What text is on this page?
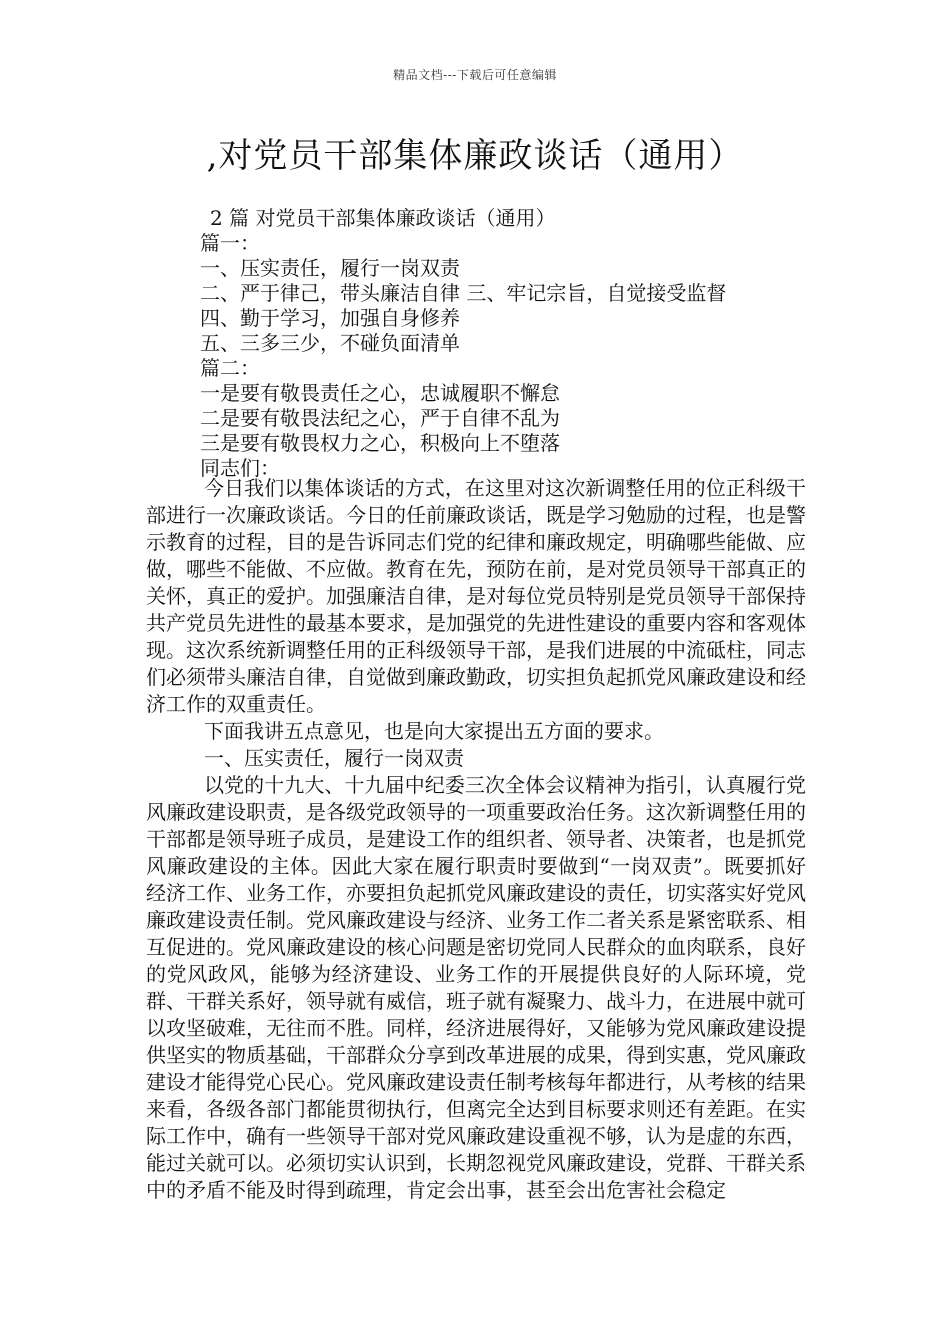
精品文档---下载后可任意编辑
,对党员干部集体廉政谈话（通用）
2 篇 对党员干部集体廉政谈话（通用）
篇一：
一、压实责任，履行一岗双责
二、严于律己，带头廉洁自律 三、牢记宗旨，自觉接受监督
四、勤于学习，加强自身修养
五、三多三少，不碰负面清单
篇二：
一是要有敬畏责任之心，忠诚履职不懈怠
二是要有敬畏法纪之心，严于自律不乱为
三是要有敬畏权力之心，积极向上不堕落
同志们：
今日我们以集体谈话的方式，在这里对这次新调整任用的位正科级干部进行一次廉政谈话。今日的任前廉政谈话，既是学习勉励的过程，也是警示教育的过程，目的是告诉同志们党的纪律和廉政规定，明确哪些能做、应做，哪些不能做、不应做。教育在先，预防在前，是对党员领导干部真正的关怀，真正的爱护。加强廉洁自律，是对每位党员特别是党员领导干部保持共产党员先进性的最基本要求，是加强党的先进性建设的重要内容和客观体现。这次系统新调整任用的正科级领导干部，是我们进展的中流砥柱，同志们必须带头廉洁自律，自觉做到廉政勤政，切实担负起抓党风廉政建设和经济工作的双重责任。
下面我讲五点意见，也是向大家提出五方面的要求。
一、压实责任，履行一岗双责
以党的十九大、十九届中纪委三次全体会议精神为指引，认真履行党风廉政建设职责，是各级党政领导的一项重要政治任务。这次新调整任用的干部都是领导班子成员，是建设工作的组织者、领导者、决策者，也是抓党风廉政建设的主体。因此大家在履行职责时要做到“一岗双责”。既要抓好经济工作、业务工作，亦要担负起抓党风廉政建设的责任，切实落实好党风廉政建设责任制。党风廉政建设与经济、业务工作二者关系是紧密联系、相互促进的。党风廉政建设的核心问题是密切党同人民群众的血肉联系，良好的党风政风，能够为经济建设、业务工作的开展提供良好的人际环境，党群、干群关系好，领导就有威信，班子就有凝聚力、战斗力，在进展中就可以攻坚破难，无往而不胜。同样，经济进展得好，又能够为党风廉政建设提供坚实的物质基础，干部群众分享到改革进展的成果，得到实惠，党风廉政建设才能得党心民心。党风廉政建设责任制考核每年都进行，从考核的结果来看，各级各部门都能贯彻执行，但离完全达到目标要求则还有差距。在实际工作中，确有一些领导干部对党风廉政建设重视不够，认为是虚的东西，能过关就可以。必须切实认识到，长期忽视党风廉政建设，党群、干群关系中的矛盾不能及时得到疏理，肯定会出事，甚至会出危害社会稳定
